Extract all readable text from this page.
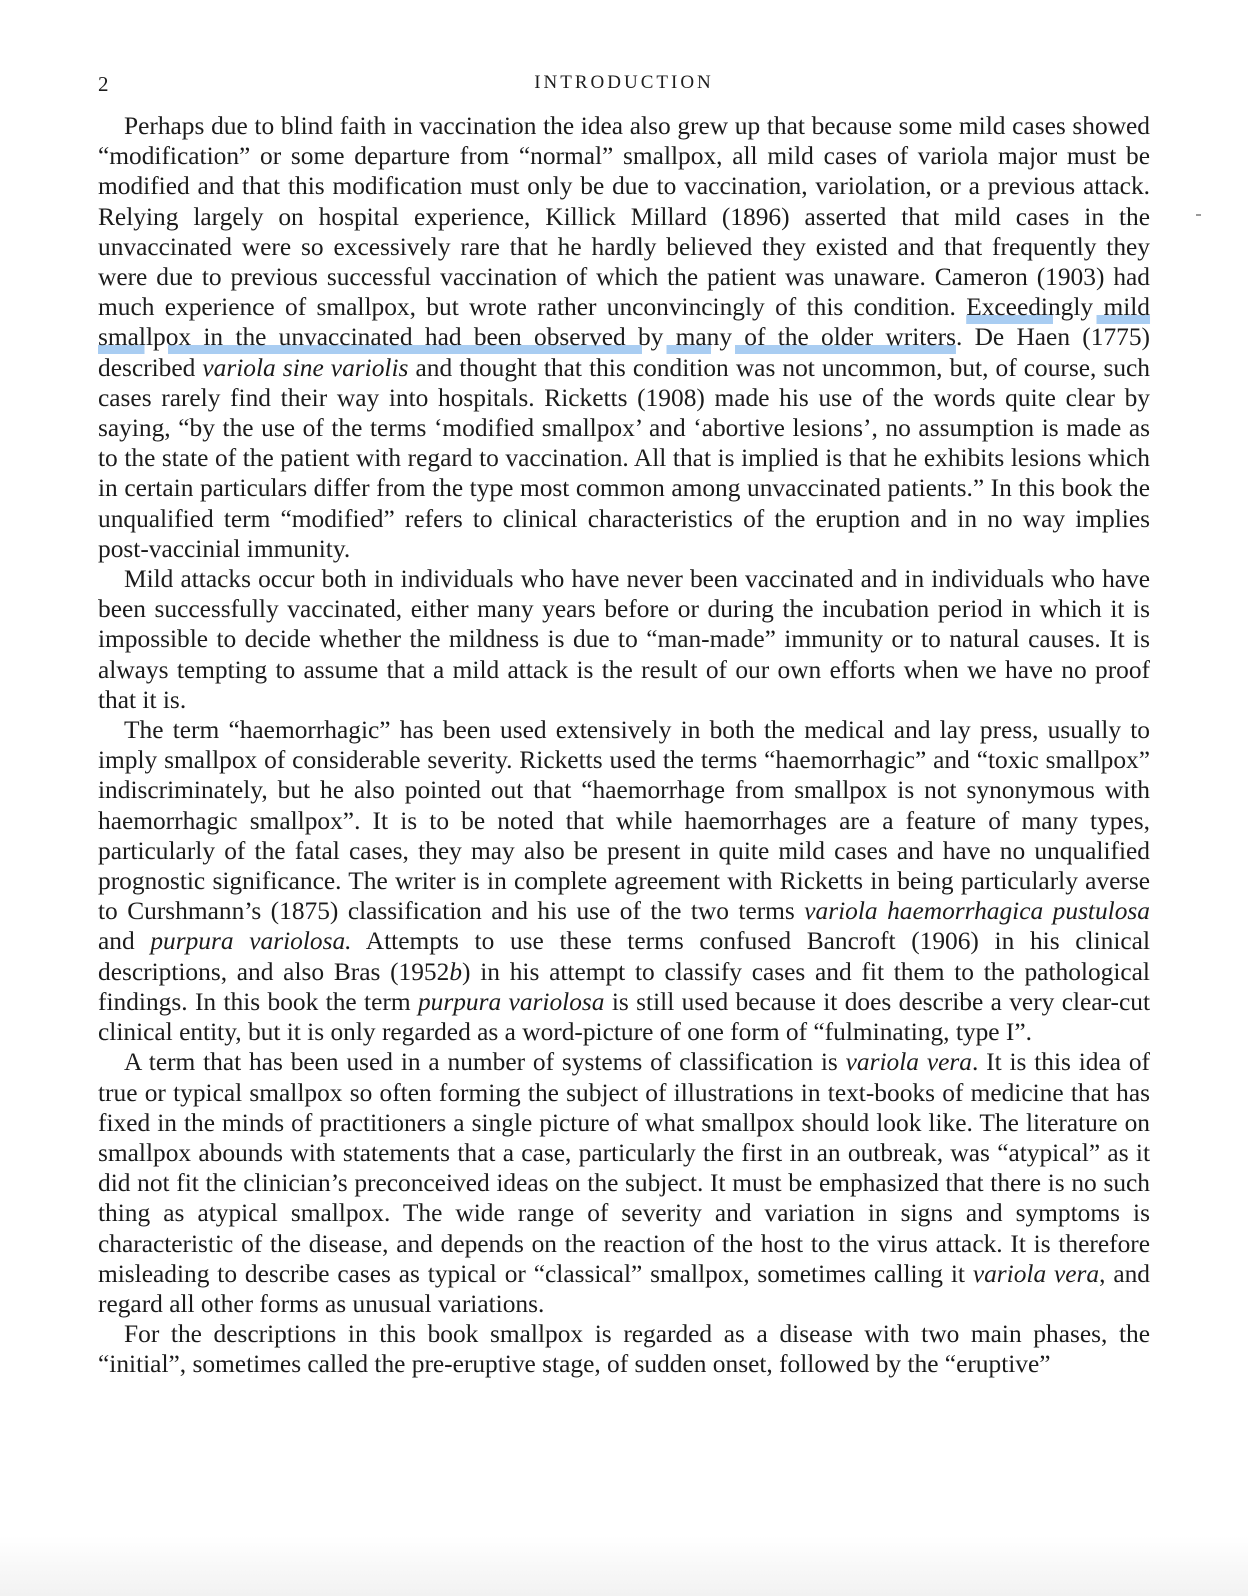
2	INTRODUCTION

Perhaps due to blind faith in vaccination the idea also grew up that because some mild cases showed “modification” or some departure from “normal” smallpox, all mild cases of variola major must be modified and that this modification must only be due to vaccination, variolation, or a previous attack. Relying largely on hospital experience, Killick Millard (1896) asserted that mild cases in the unvaccinated were so excessively rare that he hardly believed they existed and that frequently they were due to previous successful vaccination of which the patient was unaware. Cameron (1903) had much experience of smallpox, but wrote rather unconvincingly of this condition. Exceedingly mild smallpox in the unvaccinated had been observed by many of the older writers. De Haen (1775) described variola sine variolis and thought that this condition was not uncommon, but, of course, such cases rarely find their way into hospitals. Ricketts (1908) made his use of the words quite clear by saying, “by the use of the terms ‘modified smallpox’ and ‘abortive lesions’, no assumption is made as to the state of the patient with regard to vaccination. All that is implied is that he exhibits lesions which in certain particulars differ from the type most common among unvaccinated patients.” In this book the unqualified term “modified” refers to clinical characteristics of the eruption and in no way implies post-vaccinial immunity.

Mild attacks occur both in individuals who have never been vaccinated and in individuals who have been successfully vaccinated, either many years before or during the incubation period in which it is impossible to decide whether the mildness is due to “man-made” immunity or to natural causes. It is always tempting to assume that a mild attack is the result of our own efforts when we have no proof that it is.

The term “haemorrhagic” has been used extensively in both the medical and lay press, usually to imply smallpox of considerable severity. Ricketts used the terms “haemorrhagic” and “toxic smallpox” indiscriminately, but he also pointed out that “haemorrhage from smallpox is not synonymous with haemorrhagic smallpox”. It is to be noted that while haemorrhages are a feature of many types, particularly of the fatal cases, they may also be present in quite mild cases and have no unqualified prognostic significance. The writer is in complete agreement with Ricketts in being particularly averse to Curshmann’s (1875) classification and his use of the two terms variola haemorrhagica pustulosa and purpura variolosa. Attempts to use these terms confused Bancroft (1906) in his clinical descriptions, and also Bras (1952b) in his attempt to classify cases and fit them to the pathological findings. In this book the term purpura variolosa is still used because it does describe a very clear-cut clinical entity, but it is only regarded as a word-picture of one form of “fulminating, type I”.

A term that has been used in a number of systems of classification is variola vera. It is this idea of true or typical smallpox so often forming the subject of illustrations in text-books of medicine that has fixed in the minds of practitioners a single picture of what smallpox should look like. The literature on smallpox abounds with statements that a case, particularly the first in an outbreak, was “atypical” as it did not fit the clinician’s preconceived ideas on the subject. It must be emphasized that there is no such thing as atypical smallpox. The wide range of severity and variation in signs and symptoms is characteristic of the disease, and depends on the reaction of the host to the virus attack. It is therefore misleading to describe cases as typical or “classical” smallpox, sometimes calling it variola vera, and regard all other forms as unusual variations.

For the descriptions in this book smallpox is regarded as a disease with two main phases, the “initial”, sometimes called the pre-eruptive stage, of sudden onset, followed by the “eruptive”
